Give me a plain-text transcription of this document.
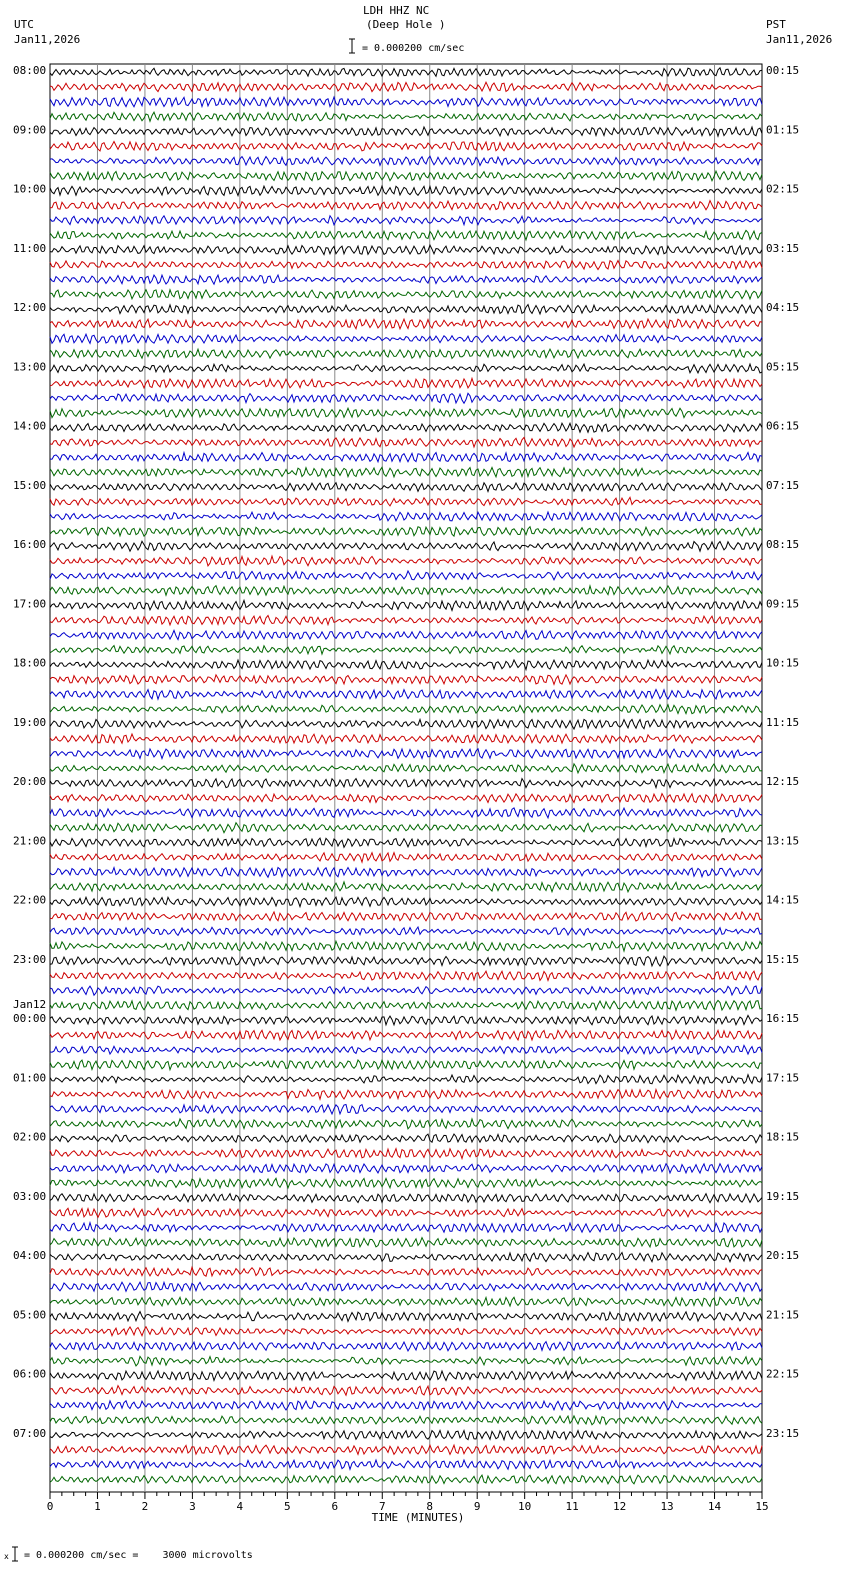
LDH HHZ NC
(Deep Hole )
UTC
Jan11,2026
PST
Jan11,2026
= 0.000200 cm/sec
08:00	00:15
09:00	01:15
10:00	02:15
11:00	03:15
12:00	04:15
13:00	05:15
14:00	06:15
15:00	07:15
16:00	08:15
17:00	09:15
18:00	10:15
19:00	11:15
20:00	12:15
21:00	13:15
22:00	14:15
23:00	15:15
00:00	16:15
01:00	17:15
02:00	18:15
03:00	19:15
04:00	20:15
05:00	21:15
06:00	22:15
07:00	23:15
Jan12
0	1	2	3	4	5	6	7	8	9	10	11	12	13	14	15
TIME (MINUTES)
x = 0.000200 cm/sec =    3000 microvolts
